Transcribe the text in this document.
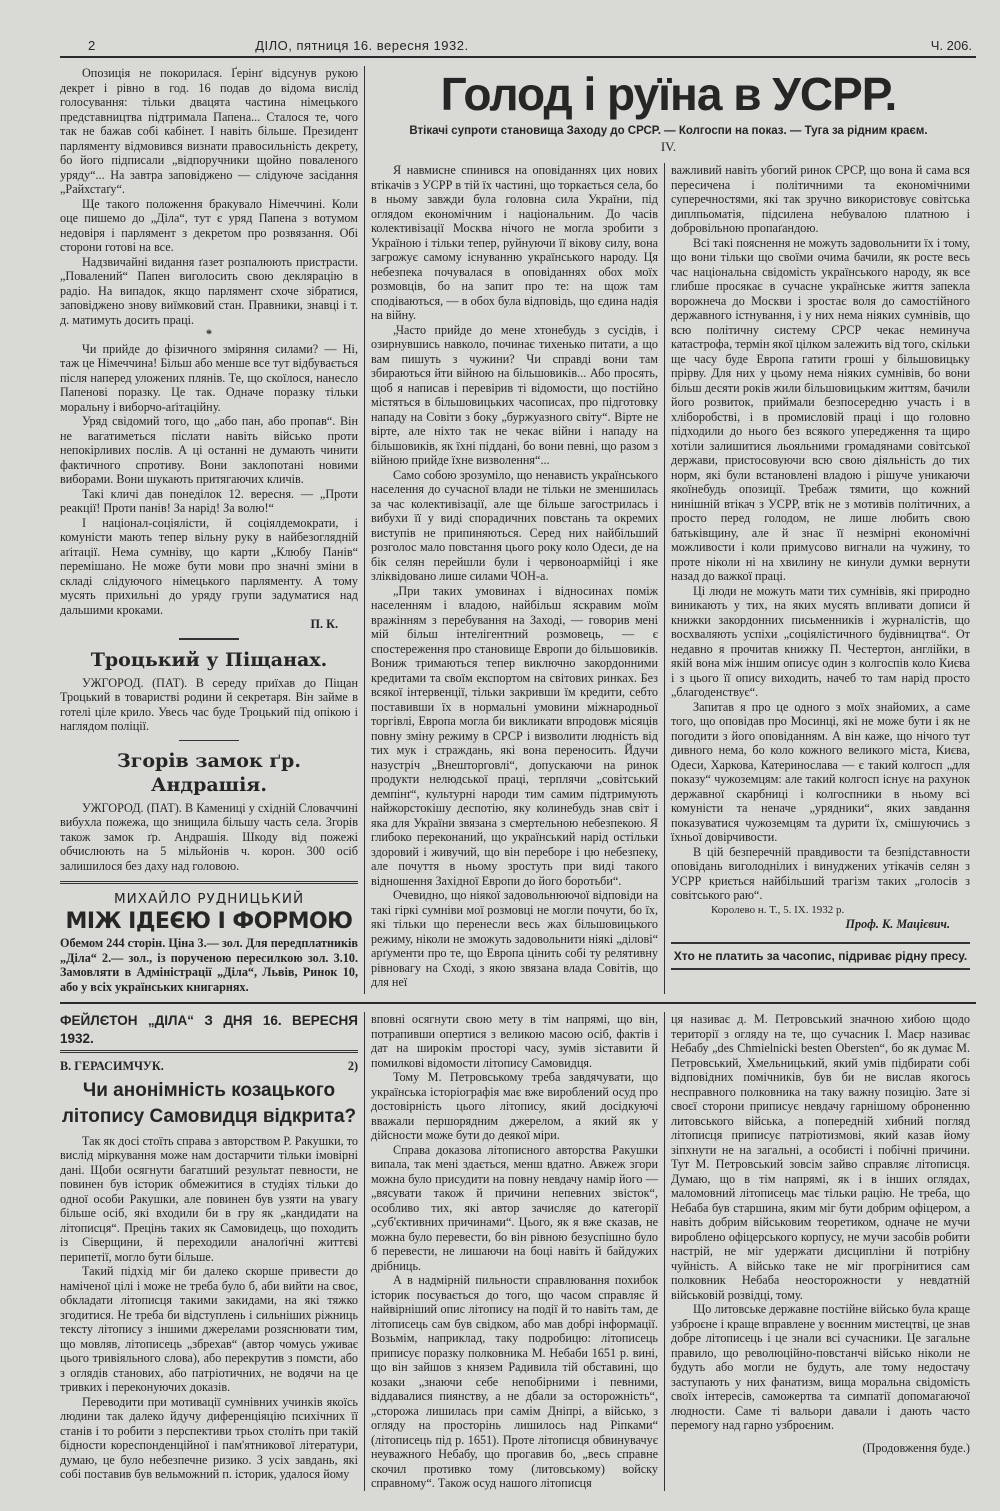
2	ДІЛО, пятниця 16. вересня 1932.	Ч. 206.

Опозиція не покорилася. Ґерінґ відсунув рукою декрет і рівно в год. 16 подав до відома вислід голосування: тільки двацята частина німецького представництва підтримала Папена... Сталося те, чого так не бажав собі кабінет. І навіть більше. Президент парляменту відмовився визнати правосильність декрету, бо його підписали „відпоручники щойно поваленого уряду“... На завтра заповіджено — слідуюче засідання „Райхстаґу“.

Ще такого положення бракувало Німеччині. Коли оце пишемо до „Діла“, тут є уряд Папена з вотумом недовіря і парлямент з декретом про розвязання. Обі сторони готові на все.

Надзвичайні видання ґазет розпалюють пристрасти. „Повалений“ Папен виголосить свою деклярацію в радіо. На випадок, якщо парлямент схоче зібратися, заповіджено знову виїмковий стан. Правники, знавці і т. д. матимуть досить праці.

*

Чи прийде до фізичного зміряння силами? — Ні, таж це Німеччина! Більш або менше все тут відбувається після наперед уложених плянів. Те, що скоїлося, нанесло Папенові поразку. Це так. Одначе поразку тільки моральну і виборчо-аґітаційну.

Уряд свідомий того, що „або пан, або пропав“. Він не вагатиметься післати навіть військо проти непокірливих послів. А ці останні не думають чинити фактичного спротиву. Вони заклопотані новими виборами. Вони шукають притягаючих кличів.

Такі кличі дав понеділок 12. вересня. — „Проти реакції! Проти панів! За нарід! За волю!“

І націонал-соціялісти, й соціялдемократи, і комуністи мають тепер вільну руку в найбезоглядній аґітації. Нема сумніву, що карти „Клюбу Панів“ перемішано. Не може бути мови про значні зміни в складі слідуючого німецького парляменту. А тому мусять прихильні до уряду групи задуматися над дальшими кроками.

П. К.
Троцький у Піщанах.

УЖГОРОД. (ПАТ). В середу приїхав до Піщан Троцький в товаристві родини й секретаря. Він займе в готелі ціле крило. Увесь час буде Троцький під опікою і наглядом поліції.

Згорів замок ґр. Андрашія.

УЖГОРОД. (ПАТ). В Камениці у східній Словаччині вибухла пожежа, що знищила більшу часть села. Згорів також замок ґр. Андрашія. Шкоду від пожежі обчислюють на 5 мільйонів ч. корон. 300 осіб залишилося без даху над головою.

МИХАЙЛО РУДНИЦЬКИЙ
МІЖ ІДЕЄЮ І ФОРМОЮ

Обемом 244 сторін. Ціна 3.— зол. Для передплатників „Діла“ 2.— зол., із порученою пересилкою зол. 3.10. Замовляти в Адміністрації „Діла“, Львів, Ринок 10, або у всіх українських книгарнях.

Голод і руїна в УСРР.
Втікачі супроти становища Заходу до СРСР. — Колгоспи на показ. — Туга за рідним краєм.
IV.

Я навмисне спинився на оповіданнях цих нових втікачів з УСРР в тій їх частині, що торкається села, бо в ньому завжди була головна сила України, під оглядом економічним і національним. До часів колективізації Москва нічого не могла зробити з Україною і тільки тепер, руйнуючи її вікову силу, вона загрожує самому існуванню українського народу. Ця небезпека почувалася в оповіданнях обох моїх розмовців, бо на запит про те: на щож там сподіваються, — в обох була відповідь, що єдина надія на війну.

„Часто прийде до мене хтонебудь з сусідів, і озирнувшись навколо, починає тихенько питати, а що вам пишуть з чужини? Чи справді вони там збираються йти війною на більшовиків... Або просять, щоб я написав і перевірив ті відомости, що постійно містяться в більшовицьких часописах, про підготовку нападу на Совіти з боку „буржуазного світу“. Вірте не вірте, але ніхто так не чекає війни і нападу на більшовиків, як їхні піддані, бо вони певні, що разом з війною прийде їхне визволення“...

Само собою зрозуміло, що ненависть українського населення до сучасної влади не тільки не зменшилась за час колективізації, але ще більше загострилась і вибухи її у виді спорадичних повстань та окремих виступів не припиняються. Серед них найбільший розголос мало повстання цього року коло Одеси, де на бік селян перейшли були і червоноармійці і яке зліквідовано лише силами ЧОН-а.

„При таких умовинах і відносинах поміж населенням і владою, найбільш яскравим моїм вражінням з перебування на Заході, — говорив мені мій більш інтелігентний розмовець, — є спостереження про становище Европи до більшовиків. Вониж тримаються тепер виключно закордонними кредитами та своїм експортом на світових ринках. Без всякої інтервенції, тільки закривши їм кредити, себто поставивши їх в нормальні умовини міжнародньої торгівлі, Европа могла би викликати впродовж місяців повну зміну режиму в СРСР і визволити людність від тих мук і страждань, які вона переносить. Йдучи назустріч „Внешторговлі“, допускаючи на ринок продукти нелюдської праці, терплячи „совітський демпінґ“, культурні народи тим самим підтримують найжорстокішу деспотію, яку колинебудь знав світ і яка для України звязана з смертельною небезпекою. Я глибоко переконаний, що український нарід остільки здоровий і живучий, що він переборе і цю небезпеку, але почуття в ньому зростуть при виді такого відношення Західної Европи до його боротьби“.

Очевидно, що ніякої задовольнюючої відповіди на такі гіркі сумніви мої розмовці не могли почути, бо їх, які тільки що перенесли весь жах більшовицького режиму, ніколи не зможуть задовольнити ніякі „ділові“ арґументи про те, що Европа цінить собі ту релятивну рівновагу на Сході, з якою звязана влада Совітів, що для неї

важливий навіть убогий ринок СРСР, що вона й сама вся пересичена і політичними та економічними суперечностями, які так зручно використовує совітська диплпьоматія, підсилена небувалою платною і добровільною пропаґандою.

Всі такі пояснення не можуть задовольнити їх і тому, що вони тільки що своїми очима бачили, як росте весь час національна свідомість українського народу, як все глибше просякає в сучасне українське життя запекла ворожнеча до Москви і зростає воля до самостійного державного істнування, і у них нема ніяких сумнівів, що всю політичну систему СРСР чекає неминуча катастрофа, термін якої цілком залежить від того, скільки ще часу буде Европа гатити гроші у більшовицьку прірву. Для них у цьому нема ніяких сумнівів, бо вони більш десяти років жили більшовицьким життям, бачили його розвиток, приймали безпосередню участь і в хліборобстві, і в промисловій праці і що головно підходили до нього без всякого упередження та щиро хотіли залишитися льояльними громадянами совітської держави, пристосовуючи всю свою діяльність до тих норм, які були встановлені владою і рішуче уникаючи якоїнебудь опозиції. Требаж тямити, що кожний нинішній втікач з УСРР, втік не з мотивів політичних, а просто перед голодом, не лише любить свою батьківщину, але й знає її незмірні економічні можливости і коли примусово вигнали на чужину, то проте ніколи ні на хвилину не кинули думки вернути назад до важкої праці.

Ці люди не можуть мати тих сумнівів, які природно виникають у тих, на яких мусять впливати дописи й книжки закордонних письменників і журналістів, що восхваляють успіхи „соціялістичного будівництва“. От недавно я прочитав книжку П. Честертон, англійки, в якій вона між іншим описує один з колгоспів коло Києва і з цього її опису виходить, начеб то там нарід просто „благоденствує“.

Запитав я про це одного з моїх знайомих, а саме того, що оповідав про Мосинці, які не може бути і як не погодити з його оповіданням. А він каже, що нічого тут дивного нема, бо коло кожного великого міста, Києва, Одеси, Харкова, Катеринослава — є такий колгосп „для показу“ чужоземцям: але такий колгосп існує на рахунок державної скарбниці і колгоспники в ньому всі комуністи та неначе „урядники“, яких завдання показуватися чужоземцям та дурити їх, смішуючись з їхньої довірчивости.

В цій безперечній правдивости та безпідставности оповідань виголоднілих і винуджених утікачів селян з УСРР криється найбільший трагізм таких „голосів з совітського раю“.

Королево н. Т., 5. IX. 1932 р.
Проф. К. Мацієвич.
Хто не платить за часопис, підриває рідну пресу.
ФЕЙЛЄТОН „ДІЛА“ З ДНЯ 16. ВЕРЕСНЯ 1932.
В. ГЕРАСИМЧУК.	2)
Чи анонімність козацького літопису Самовидця відкрита?

Так як досі стоїть справа з авторством Р. Ракушки, то вислід міркування може нам достарчити тільки імовірні дані. Щоби осягнути багатший результат певности, не повинен був історик обмежитися в студіях тільки до одної особи Ракушки, але повинен був узяти на увагу більше осіб, які входили би в гру як „кандидати на літописця“. Прецінь таких як Самовидець, що походить із Сіверщини, й переходили аналоґічні життєві перипетії, могло бути більше.

Такий підхід міг би далеко скорше привести до наміченої цілі і може не треба було б, аби вийти на своє, обкладати літописця такими закидами, на які тяжко згодитися. Не треба би відступлень і сильніших ріжниць тексту літопису з іншими джерелами розяснювати тим, що мовляв, літописець „збрехав“ (автор чомусь уживає цього тривіяльного слова), або перекрутив з помсти, або з оглядів станових, або патріотичних, не водячи на це тривких і переконуючих доказів.

Переводити при мотивації сумнівних учинків якоїсь людини так далеко йдучу диференціяцію психічних її станів і то робити з перспективи трьох століть при такій бідности кореспонденційної і пам'ятникової літератури, думаю, це було небезпечне ризико. З усіх завдань, які собі поставив був вельможний п. історик, удалося йому

вповні осягнути свою мету в тім напрямі, що він, потрапивши опертися з великою масою осіб, фактів і дат на широкім просторі часу, зумів зіставити й помилкові відомости літопису Самовидця.

Тому М. Петровському треба завдячувати, що українська історіографія має вже вироблений осуд про достовірність цього літопису, який досідкуючі вважали першорядним джерелом, а який як у дійсности може бути до деякої міри.

Справа доказова літописного авторства Ракушки випала, так мені здається, менш вдатно. Авжеж згори можна було присудити на повну невдачу намір його — „вясувати також й причини непевних звісток“, особливо тих, які автор зачисляє до категорії „суб'єктивних причинами“. Цього, як я вже сказав, не можна було перевести, бо він рівною безуспішно було б перевести, не лишаючи на боці навіть й байдужих дрібниць.

А в надмірній пильности справлювання похибок історик посувається до того, що часом справляє й найвірніший опис літопису на події й то навіть там, де літописець сам був свідком, або мав добрі інформації. Возьмім, наприклад, таку подробицю: літописець приписує поразку полковника М. Небаби 1651 р. вині, що він зайшов з князем Радивила тій обставині, що козаки „знаючи себе непобірними і певними, віддавалися пиянству, а не дбали за осторожність“, „сторожа лишилась при самім Дніпрі, а військо, з огляду на просторінь лишилось над Ріпками“ (літописець під р. 1651). Проте літописця обвинувачує неуважного Небабу, що прогавив бо, „весь справне скочил противко тому (литовському) войску справному“. Також осуд нашого літописця

ця називає д. М. Петровський значною хибою щодо території з огляду на те, що сучасник І. Маєр називає Небабу „des Chmielnicki besten Obersten“, бо як думає М. Петровський, Хмельницький, який умів підбирати собі відповідних помічників, був би не вислав якогось несправного полковника на таку важну позицію. Зате зі своєї сторони приписує невдачу гарнішому оброненню литовського війська, а попередній хибний погляд літописця приписує патріотизмові, який казав йому зіпхнути не на загальні, а особисті і побічні причини. Тут М. Петровський зовсім зайво справляє літописця. Думаю, що в тім напрямі, як і в інших оглядах, маломовний літописець має тільки рацію. Не треба, що Небаба був старшина, яким міг бути добрим офіцером, а навіть добрим військовим теоретиком, одначе не мучи вироблено офіцерського корпусу, не мучи засобів робити настрій, не міг удержати дисципліни й потрібну чуйність. А військо таке не міг прогрінитися сам полковник Небаба неосторожности у невдатній військовій розвідці, тому.

Що литовське державне постійне військо була краще узброєне і краще вправлене у воєнним мистецтві, це знав добре літописець і це знали всі сучасники. Це загальне правило, що революційно-повстанчі військо ніколи не будуть або могли не будуть, але тому недостачу заступають у них фанатизм, вища моральна свідомість своїх інтересів, саможертва та симпатії допомагаючої людности. Саме ті вальори давали і дають часто перемогу над гарно узброєним.

(Продовження буде.)
